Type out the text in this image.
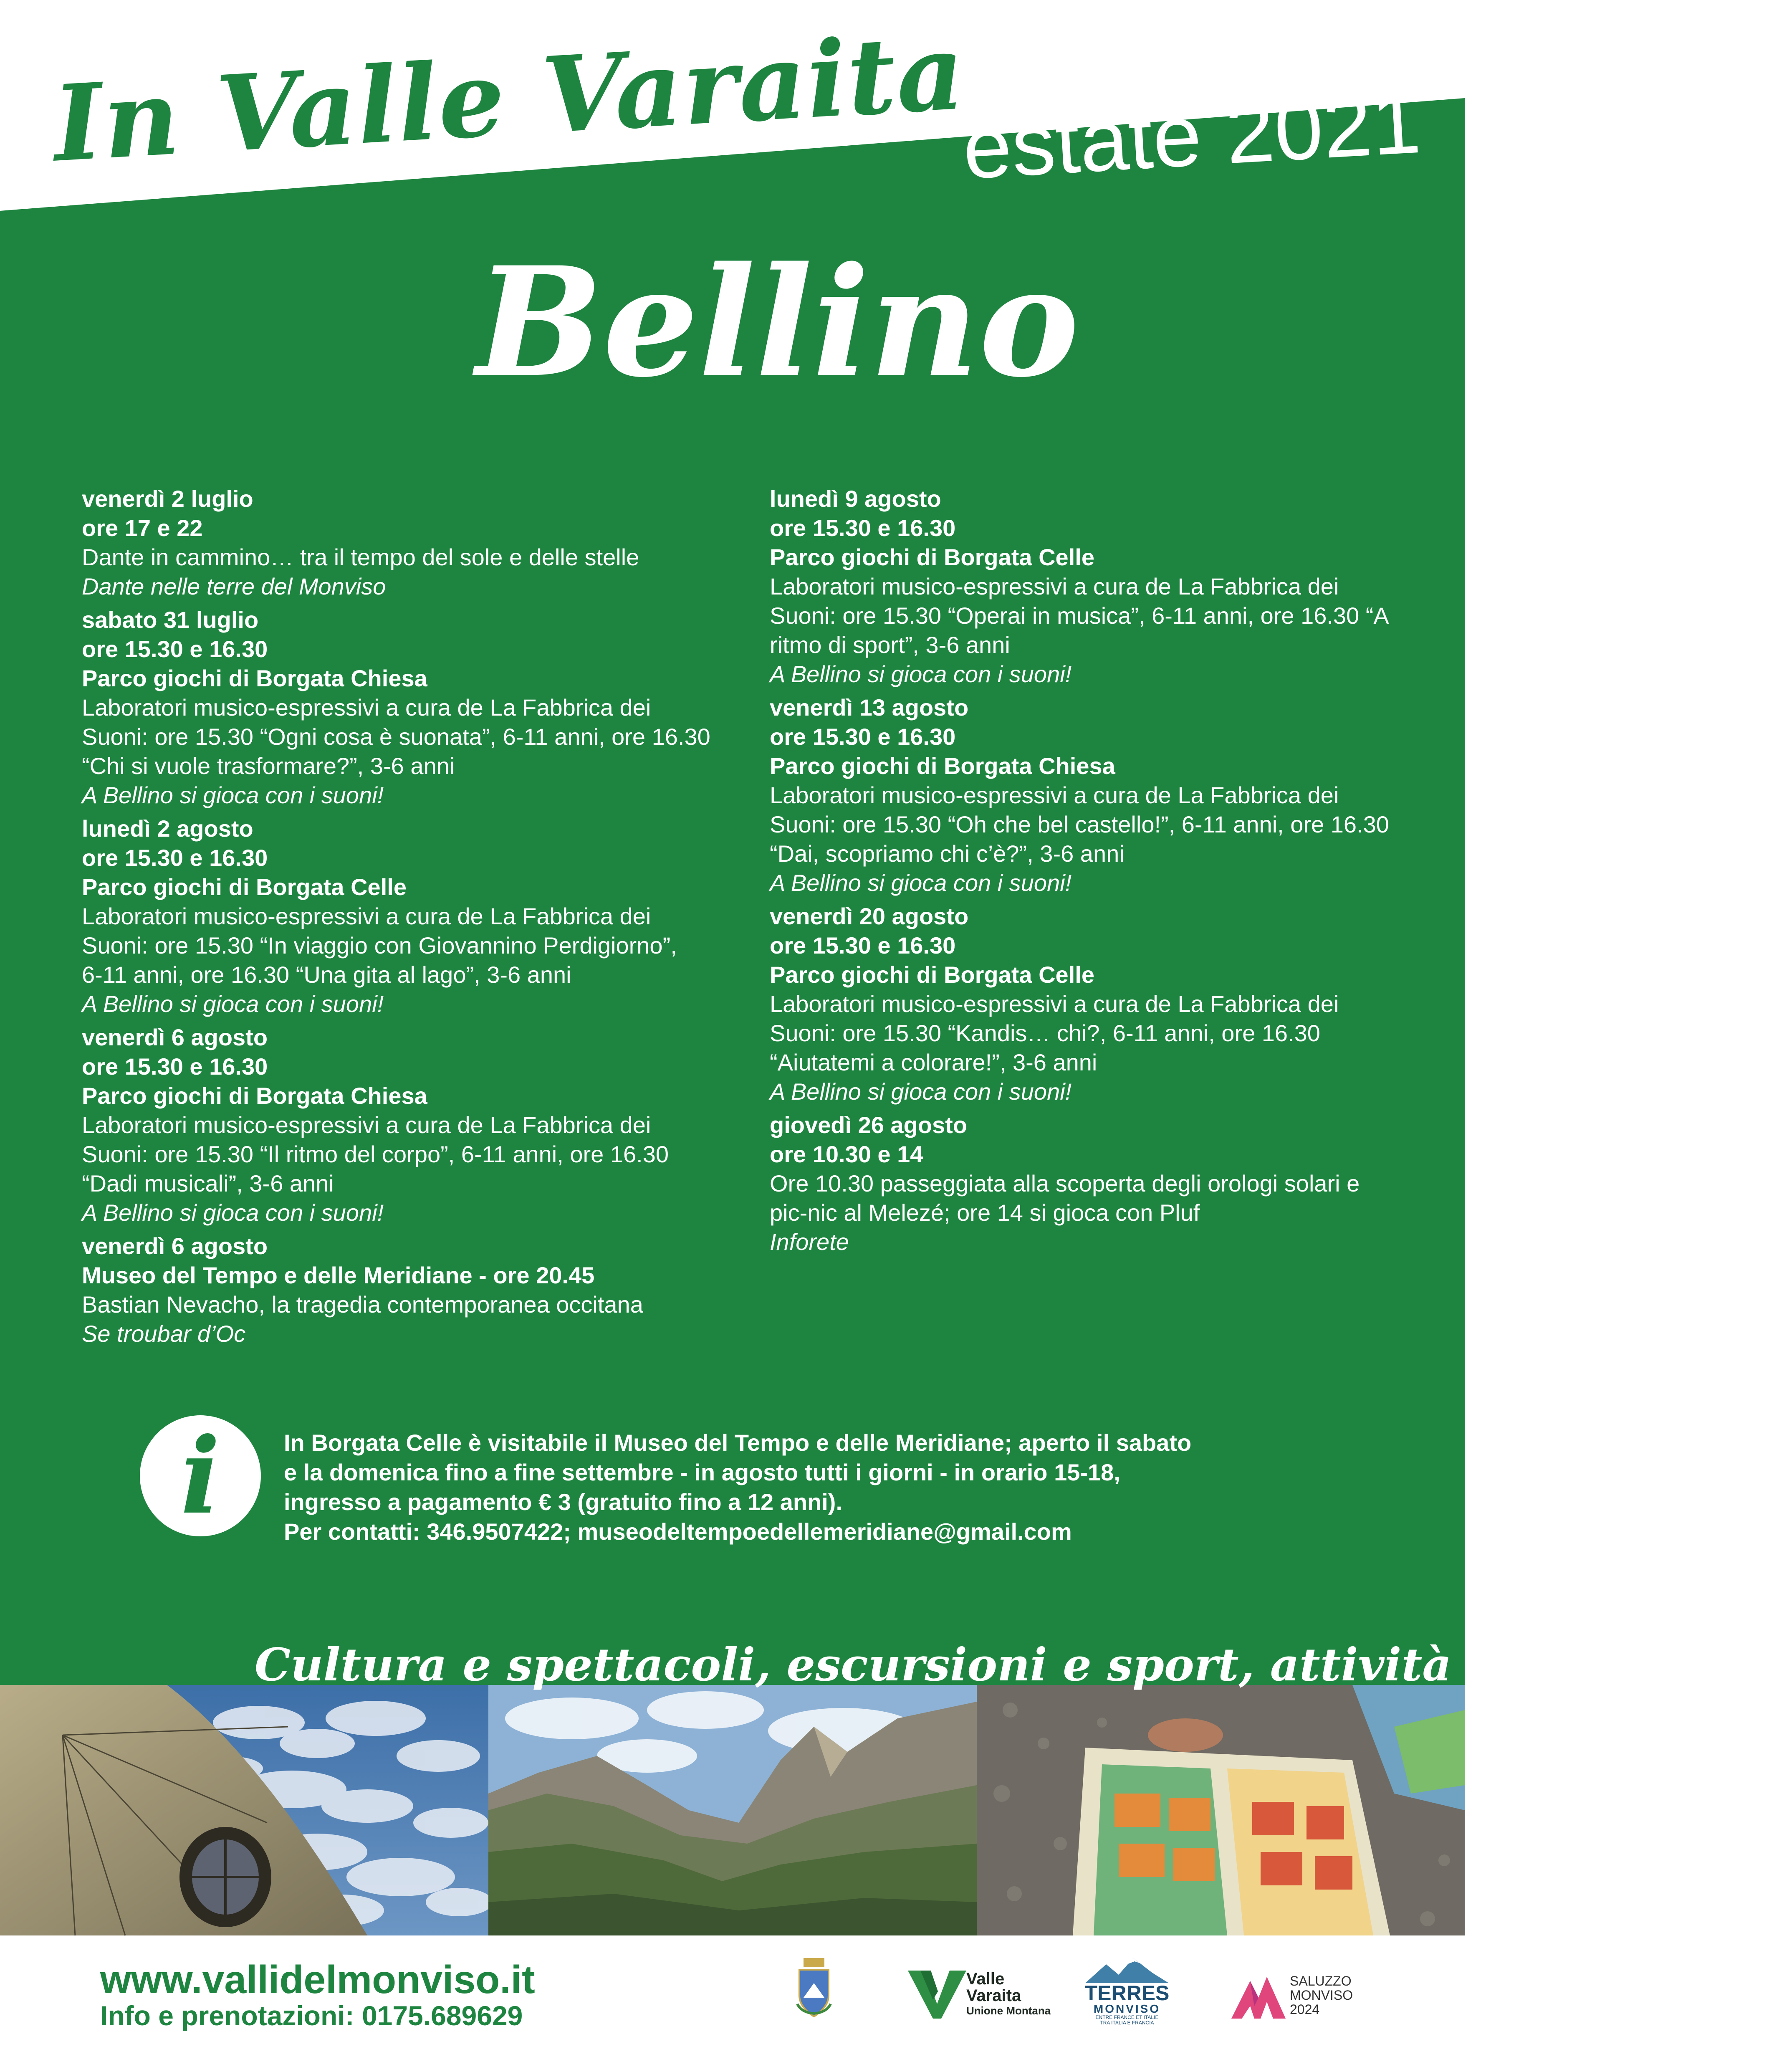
In Valle Varaita
estate 2021
Bellino
venerdì 2 luglio
ore 17 e 22
Dante in cammino… tra il tempo del sole e delle stelle
Dante nelle terre del Monviso
sabato 31 luglio
ore 15.30 e 16.30
Parco giochi di Borgata Chiesa
Laboratori musico-espressivi a cura de La Fabbrica dei
Suoni: ore 15.30 “Ogni cosa è suonata”, 6-11 anni, ore 16.30
“Chi si vuole trasformare?”, 3-6 anni
A Bellino si gioca con i suoni!
lunedì 2 agosto
ore 15.30 e 16.30
Parco giochi di Borgata Celle
Laboratori musico-espressivi a cura de La Fabbrica dei
Suoni: ore 15.30 “In viaggio con Giovannino Perdigiorno”,
6-11 anni, ore 16.30 “Una gita al lago”, 3-6 anni
A Bellino si gioca con i suoni!
venerdì 6 agosto
ore 15.30 e 16.30
Parco giochi di Borgata Chiesa
Laboratori musico-espressivi a cura de La Fabbrica dei
Suoni: ore 15.30 “Il ritmo del corpo”, 6-11 anni, ore 16.30
“Dadi musicali”, 3-6 anni
A Bellino si gioca con i suoni!
venerdì 6 agosto
Museo del Tempo e delle Meridiane - ore 20.45
Bastian Nevacho, la tragedia contemporanea occitana
Se troubar d’Oc
lunedì 9 agosto
ore 15.30 e 16.30
Parco giochi di Borgata Celle
Laboratori musico-espressivi a cura de La Fabbrica dei
Suoni: ore 15.30 “Operai in musica”, 6-11 anni, ore 16.30 “A
ritmo di sport”, 3-6 anni
A Bellino si gioca con i suoni!
venerdì 13 agosto
ore 15.30 e 16.30
Parco giochi di Borgata Chiesa
Laboratori musico-espressivi a cura de La Fabbrica dei
Suoni: ore 15.30 “Oh che bel castello!”, 6-11 anni, ore 16.30
“Dai, scopriamo chi c’è?”, 3-6 anni
A Bellino si gioca con i suoni!
venerdì 20 agosto
ore 15.30 e 16.30
Parco giochi di Borgata Celle
Laboratori musico-espressivi a cura de La Fabbrica dei
Suoni: ore 15.30 “Kandis… chi?, 6-11 anni, ore 16.30
“Aiutatemi a colorare!”, 3-6 anni
A Bellino si gioca con i suoni!
giovedì 26 agosto
ore 10.30 e 14
Ore 10.30 passeggiata alla scoperta degli orologi solari e
pic-nic al Melezé; ore 14 si gioca con Pluf
Inforete
i	In Borgata Celle è visitabile il Museo del Tempo e delle Meridiane; aperto il sabato
e la domenica fino a fine settembre - in agosto tutti i giorni - in orario 15-18,
ingresso a pagamento € 3 (gratuito fino a 12 anni).
Per contatti: 346.9507422; museodeltempoedellemeridiane@gmail.com
Cultura e spettacoli, escursioni e sport, attività per bambini
www.vallidelmonviso.it
Info e prenotazioni: 0175.689629
Valle
Varaita
Unione Montana
TERRES
MONVISO
ENTRE FRANCE ET ITALIE
TRA ITALIA E FRANCIA
SALUZZO
MONVISO
2024
